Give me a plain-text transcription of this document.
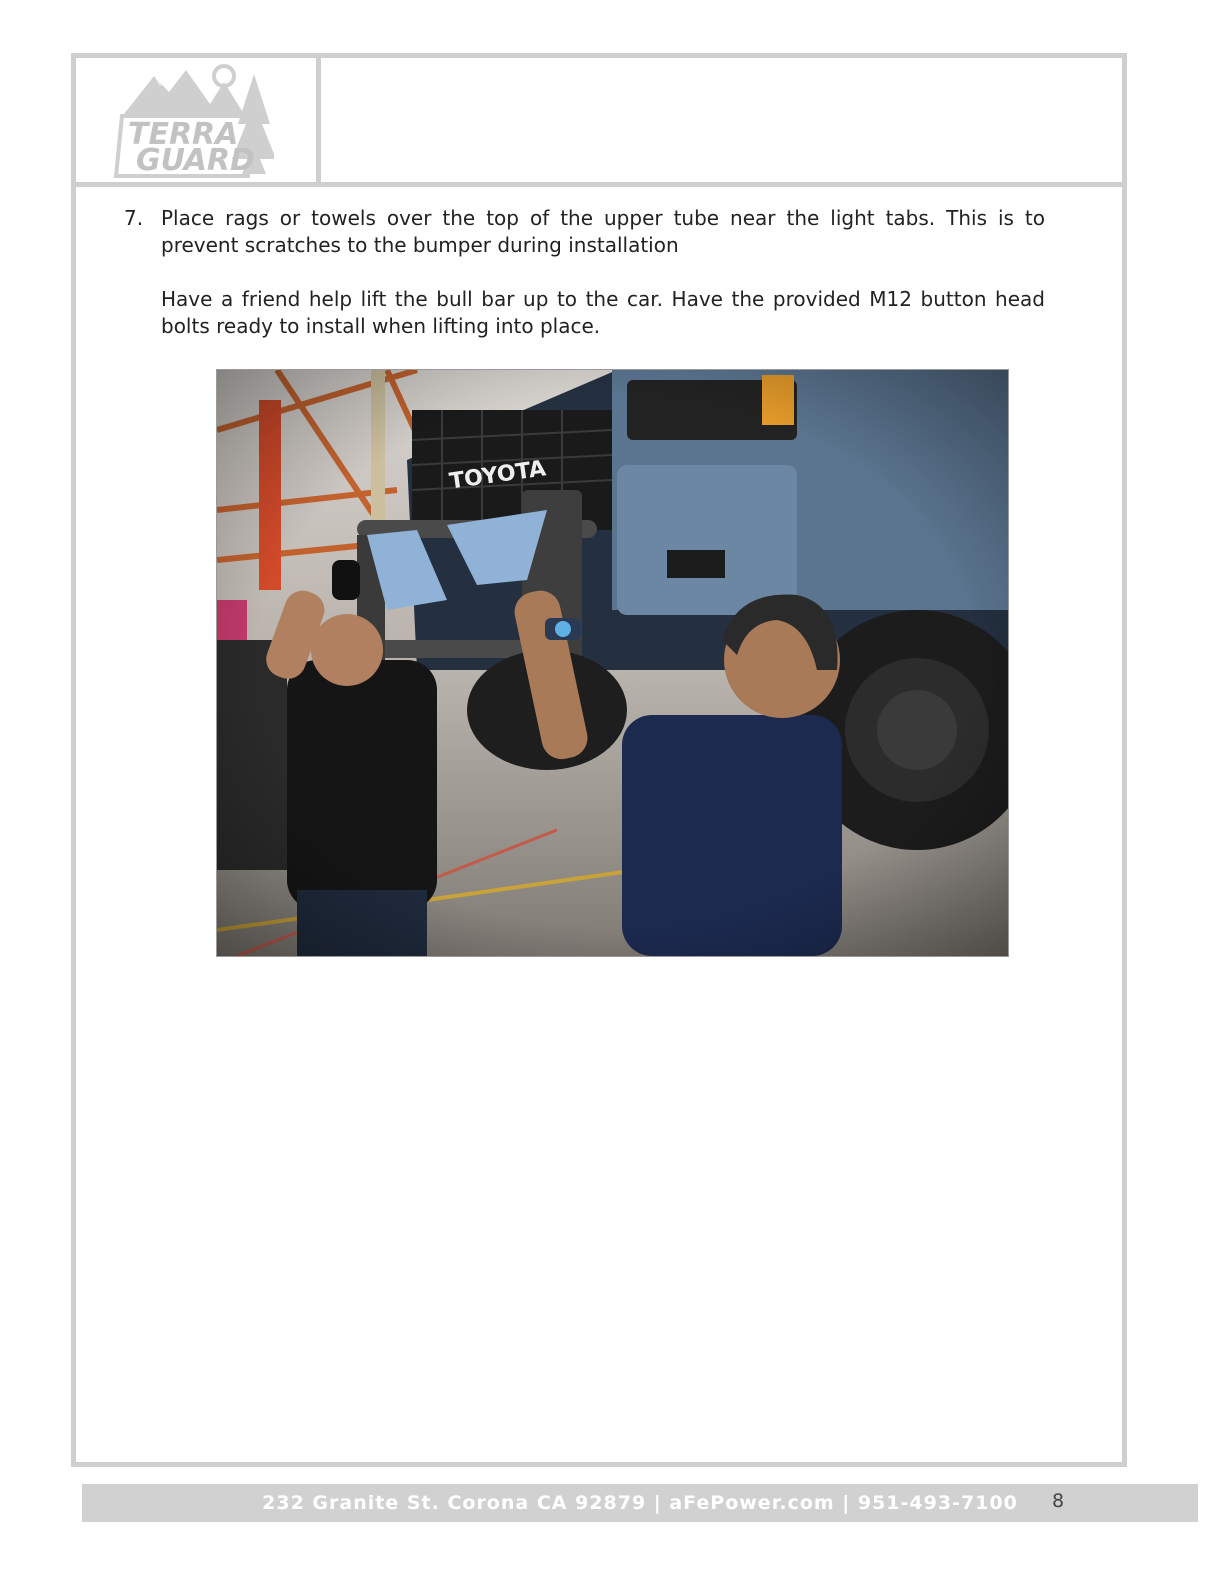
TERRA
GUARD
232 Granite St. Corona CA 92879 | aFePower.com | 951-493-7100
7. Place rags or towels over the top of the upper tube near the light tabs. This is to prevent scratches to the bumper during installation

Have a friend help lift the bull bar up to the car. Have the provided M12 button head bolts ready to install when lifting into place.

8
